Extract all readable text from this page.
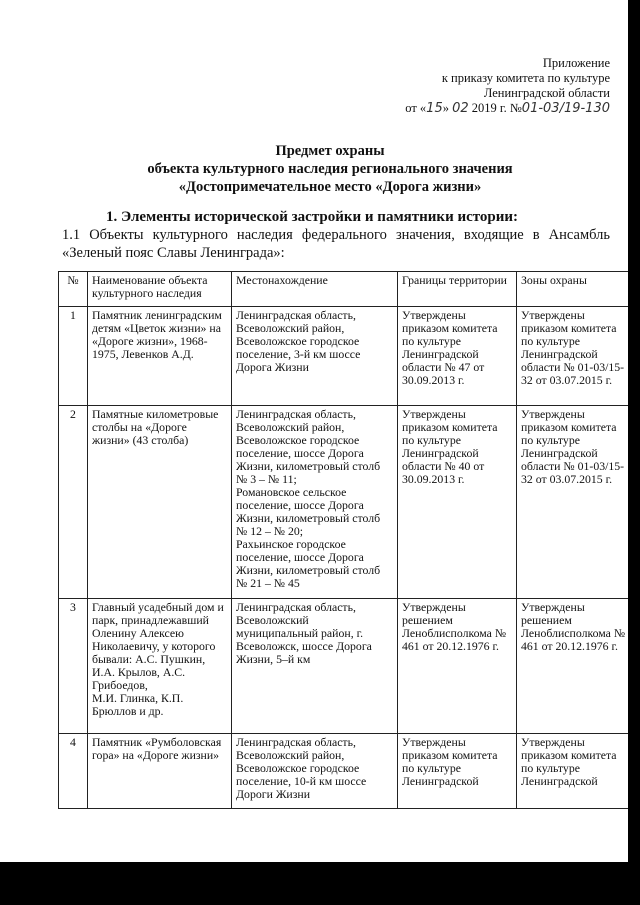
Приложение
к приказу комитета по культуре
Ленинградской области
от «15» 02 2019 г. №01-03/19-130
Предмет охраны
объекта культурного наследия регионального значения
«Достопримечательное место «Дорога жизни»
1. Элементы исторической застройки и памятники истории:
1.1 Объекты культурного наследия федерального значения, входящие в Ансамбль «Зеленый пояс Славы Ленинграда»:
№	Наименование объекта культурного наследия	Местонахождение	Границы территории	Зоны охраны
1	Памятник ленинградским детям «Цветок жизни» на «Дороге жизни», 1968-1975, Левенков А.Д.	Ленинградская область, Всеволожский район, Всеволожское городское поселение, 3-й км шоссе Дорога Жизни	Утверждены приказом комитета по культуре Ленинградской области № 47 от 30.09.2013 г.	Утверждены приказом комитета по культуре Ленинградской области № 01-03/15-32 от 03.07.2015 г.
2	Памятные километровые столбы на «Дороге жизни» (43 столба)	Ленинградская область, Всеволожский район, Всеволожское городское поселение, шоссе Дорога Жизни, километровый столб № 3 – № 11;
Романовское сельское поселение, шоссе Дорога Жизни, километровый столб № 12 – № 20;
Рахьинское городское поселение, шоссе Дорога Жизни, километровый столб № 21 – № 45	Утверждены приказом комитета по культуре Ленинградской области № 40 от 30.09.2013 г.	Утверждены приказом комитета по культуре Ленинградской области № 01-03/15-32 от 03.07.2015 г.
3	Главный усадебный дом и парк, принадлежавший Оленину Алексею Николаевичу, у которого бывали: А.С. Пушкин, И.А. Крылов, А.С. Грибоедов,
М.И. Глинка, К.П. Брюллов и др.	Ленинградская область, Всеволожский муниципальный район, г. Всеволожск, шоссе Дорога Жизни, 5–й км	Утверждены решением Леноблисполкома № 461 от 20.12.1976 г.	Утверждены решением Леноблисполкома № 461 от 20.12.1976 г.
4	Памятник «Румболовская гора» на «Дороге жизни»	Ленинградская область, Всеволожский район, Всеволожское городское поселение, 10-й км шоссе Дороги Жизни	Утверждены приказом комитета по культуре Ленинградской	Утверждены приказом комитета по культуре Ленинградской
